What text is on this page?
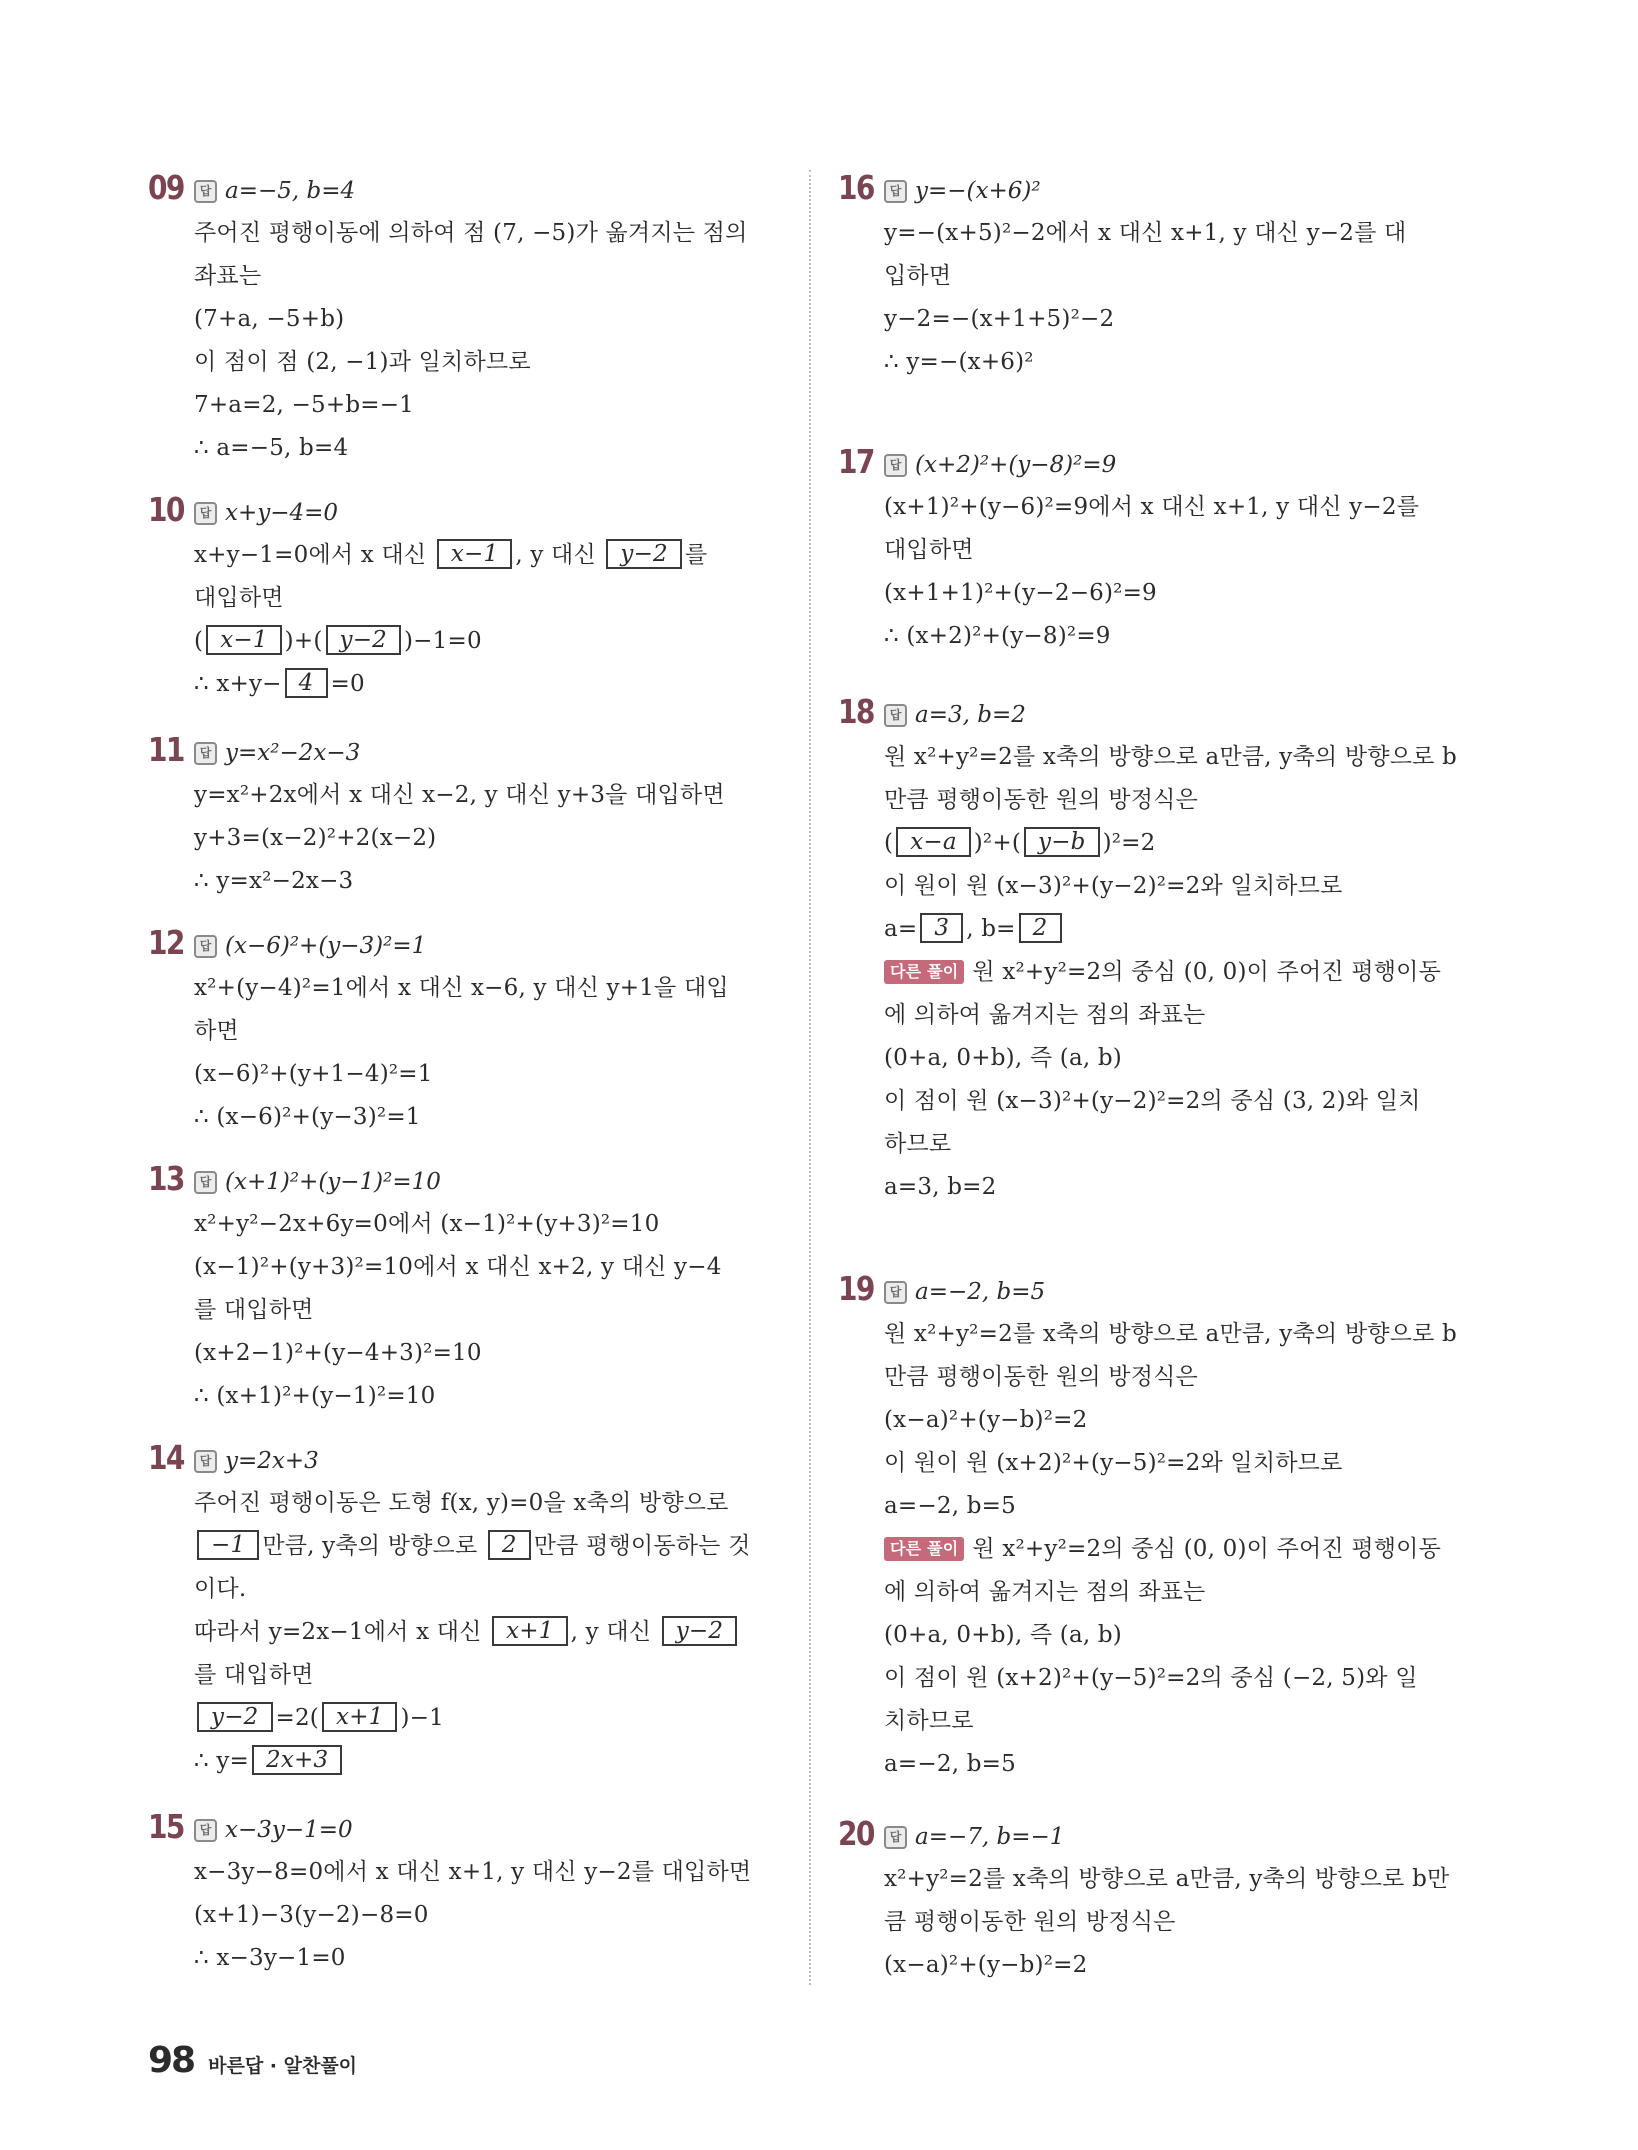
09	답 a=−5, b=4
주어진 평행이동에 의하여 점 (7, −5)가 옮겨지는 점의
좌표는
(7+a, −5+b)
이 점이 점 (2, −1)과 일치하므로
7+a=2, −5+b=−1
∴ a=−5, b=4
10	답 x+y−4=0
x+y−1=0에서 x 대신 x−1 , y 대신 y−2 를
대입하면
( x−1 )+( y−2 )−1=0
∴ x+y− 4 =0
11	답 y=x²−2x−3
y=x²+2x에서 x 대신 x−2, y 대신 y+3을 대입하면
y+3=(x−2)²+2(x−2)
∴ y=x²−2x−3
12	답 (x−6)²+(y−3)²=1
x²+(y−4)²=1에서 x 대신 x−6, y 대신 y+1을 대입
하면
(x−6)²+(y+1−4)²=1
∴ (x−6)²+(y−3)²=1
13	답 (x+1)²+(y−1)²=10
x²+y²−2x+6y=0에서 (x−1)²+(y+3)²=10
(x−1)²+(y+3)²=10에서 x 대신 x+2, y 대신 y−4
를 대입하면
(x+2−1)²+(y−4+3)²=10
∴ (x+1)²+(y−1)²=10
14	답 y=2x+3
주어진 평행이동은 도형 f(x, y)=0을 x축의 방향으로
−1 만큼, y축의 방향으로 2 만큼 평행이동하는 것
이다.
따라서 y=2x−1에서 x 대신 x+1 , y 대신 y−2
를 대입하면
y−2 =2( x+1 )−1
∴ y= 2x+3
15	답 x−3y−1=0
x−3y−8=0에서 x 대신 x+1, y 대신 y−2를 대입하면
(x+1)−3(y−2)−8=0
∴ x−3y−1=0
16	답 y=−(x+6)²
y=−(x+5)²−2에서 x 대신 x+1, y 대신 y−2를 대
입하면
y−2=−(x+1+5)²−2
∴ y=−(x+6)²
17	답 (x+2)²+(y−8)²=9
(x+1)²+(y−6)²=9에서 x 대신 x+1, y 대신 y−2를
대입하면
(x+1+1)²+(y−2−6)²=9
∴ (x+2)²+(y−8)²=9
18	답 a=3, b=2
원 x²+y²=2를 x축의 방향으로 a만큼, y축의 방향으로 b
만큼 평행이동한 원의 방정식은
( x−a )²+( y−b )²=2
이 원이 원 (x−3)²+(y−2)²=2와 일치하므로
a= 3 , b= 2
다른 풀이 원 x²+y²=2의 중심 (0, 0)이 주어진 평행이동
에 의하여 옮겨지는 점의 좌표는
(0+a, 0+b), 즉 (a, b)
이 점이 원 (x−3)²+(y−2)²=2의 중심 (3, 2)와 일치
하므로
a=3, b=2
19	답 a=−2, b=5
원 x²+y²=2를 x축의 방향으로 a만큼, y축의 방향으로 b
만큼 평행이동한 원의 방정식은
(x−a)²+(y−b)²=2
이 원이 원 (x+2)²+(y−5)²=2와 일치하므로
a=−2, b=5
다른 풀이 원 x²+y²=2의 중심 (0, 0)이 주어진 평행이동
에 의하여 옮겨지는 점의 좌표는
(0+a, 0+b), 즉 (a, b)
이 점이 원 (x+2)²+(y−5)²=2의 중심 (−2, 5)와 일
치하므로
a=−2, b=5
20	답 a=−7, b=−1
x²+y²=2를 x축의 방향으로 a만큼, y축의 방향으로 b만
큼 평행이동한 원의 방정식은
(x−a)²+(y−b)²=2
98 바른답 · 알찬풀이
